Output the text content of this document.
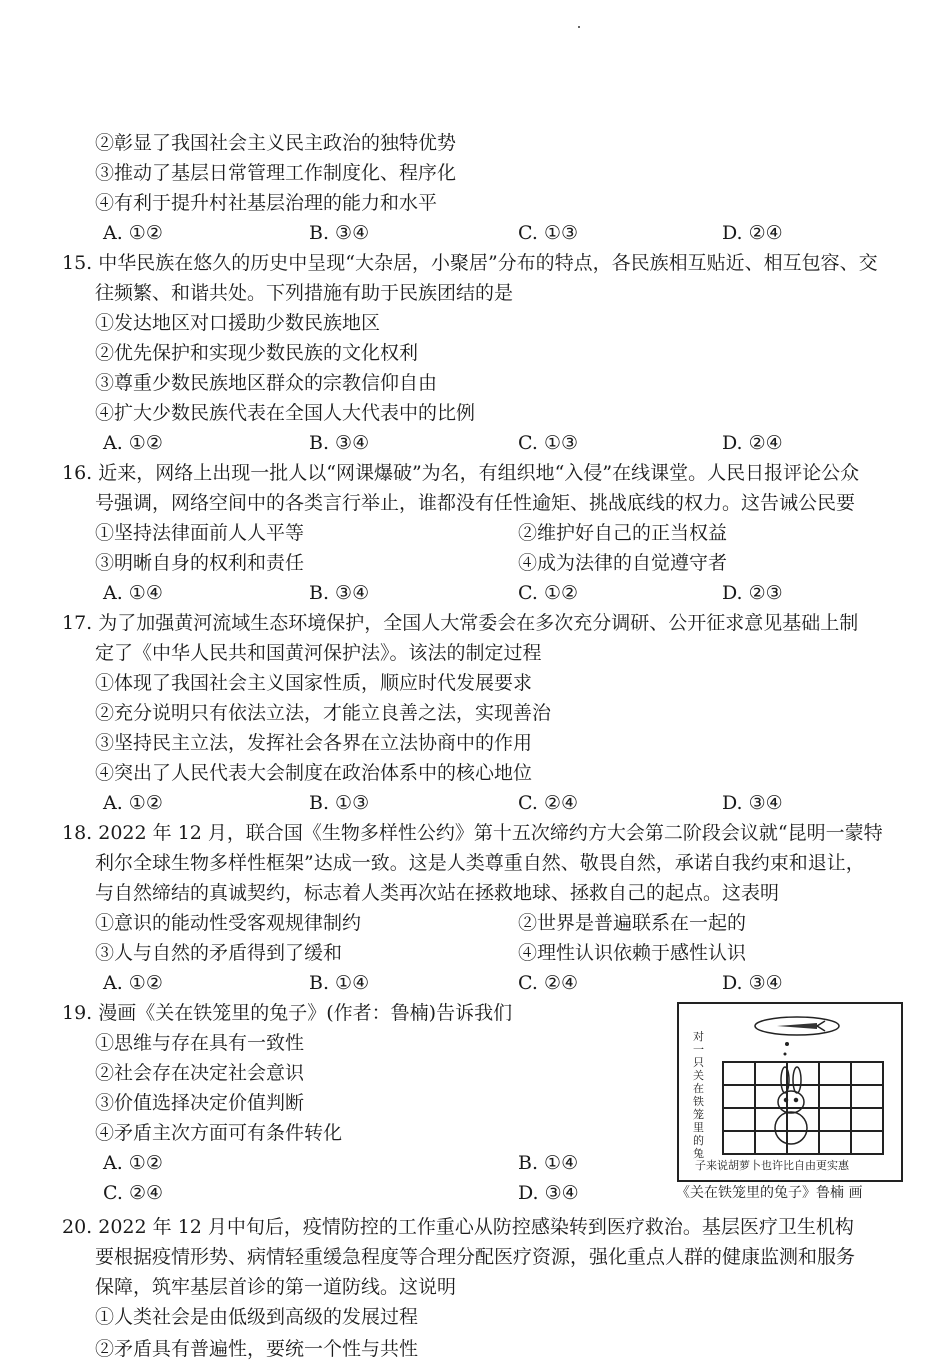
②彰显了我国社会主义民主政治的独特优势
③推动了基层日常管理工作制度化、程序化
④有利于提升村社基层治理的能力和水平
A. ①②	B. ③④	C. ①③	D. ②④
15. 中华民族在悠久的历史中呈现“大杂居，小聚居”分布的特点，各民族相互贴近、相互包容、交
往频繁、和谐共处。下列措施有助于民族团结的是
①发达地区对口援助少数民族地区
②优先保护和实现少数民族的文化权利
③尊重少数民族地区群众的宗教信仰自由
④扩大少数民族代表在全国人大代表中的比例
A. ①②	B. ③④	C. ①③	D. ②④
16. 近来，网络上出现一批人以“网课爆破”为名，有组织地“入侵”在线课堂。人民日报评论公众
号强调，网络空间中的各类言行举止，谁都没有任性逾矩、挑战底线的权力。这告诫公民要
①坚持法律面前人人平等	②维护好自己的正当权益
③明晰自身的权利和责任	④成为法律的自觉遵守者
A. ①④	B. ③④	C. ①②	D. ②③
17. 为了加强黄河流域生态环境保护，全国人大常委会在多次充分调研、公开征求意见基础上制
定了《中华人民共和国黄河保护法》。该法的制定过程
①体现了我国社会主义国家性质，顺应时代发展要求
②充分说明只有依法立法，才能立良善之法，实现善治
③坚持民主立法，发挥社会各界在立法协商中的作用
④突出了人民代表大会制度在政治体系中的核心地位
A. ①②	B. ①③	C. ②④	D. ③④
18. 2022 年 12 月，联合国《生物多样性公约》第十五次缔约方大会第二阶段会议就“昆明一蒙特
利尔全球生物多样性框架”达成一致。这是人类尊重自然、敬畏自然，承诺自我约束和退让，
与自然缔结的真诚契约，标志着人类再次站在拯救地球、拯救自己的起点。这表明
①意识的能动性受客观规律制约	②世界是普遍联系在一起的
③人与自然的矛盾得到了缓和	④理性认识依赖于感性认识
A. ①②	B. ①④	C. ②④	D. ③④
19. 漫画《关在铁笼里的兔子》(作者：鲁楠)告诉我们
①思维与存在具有一致性
②社会存在决定社会意识
③价值选择决定价值判断
④矛盾主次方面可有条件转化
A. ①②	B. ①④
C. ②④	D. ③④
对一只关在铁笼里的兔
子来说胡萝卜也许比自由更实惠
《关在铁笼里的兔子》鲁楠 画
20. 2022 年 12 月中旬后，疫情防控的工作重心从防控感染转到医疗救治。基层医疗卫生机构
要根据疫情形势、病情轻重缓急程度等合理分配医疗资源，强化重点人群的健康监测和服务
保障，筑牢基层首诊的第一道防线。这说明
①人类社会是由低级到高级的发展过程
②矛盾具有普遍性，要统一个性与共性
